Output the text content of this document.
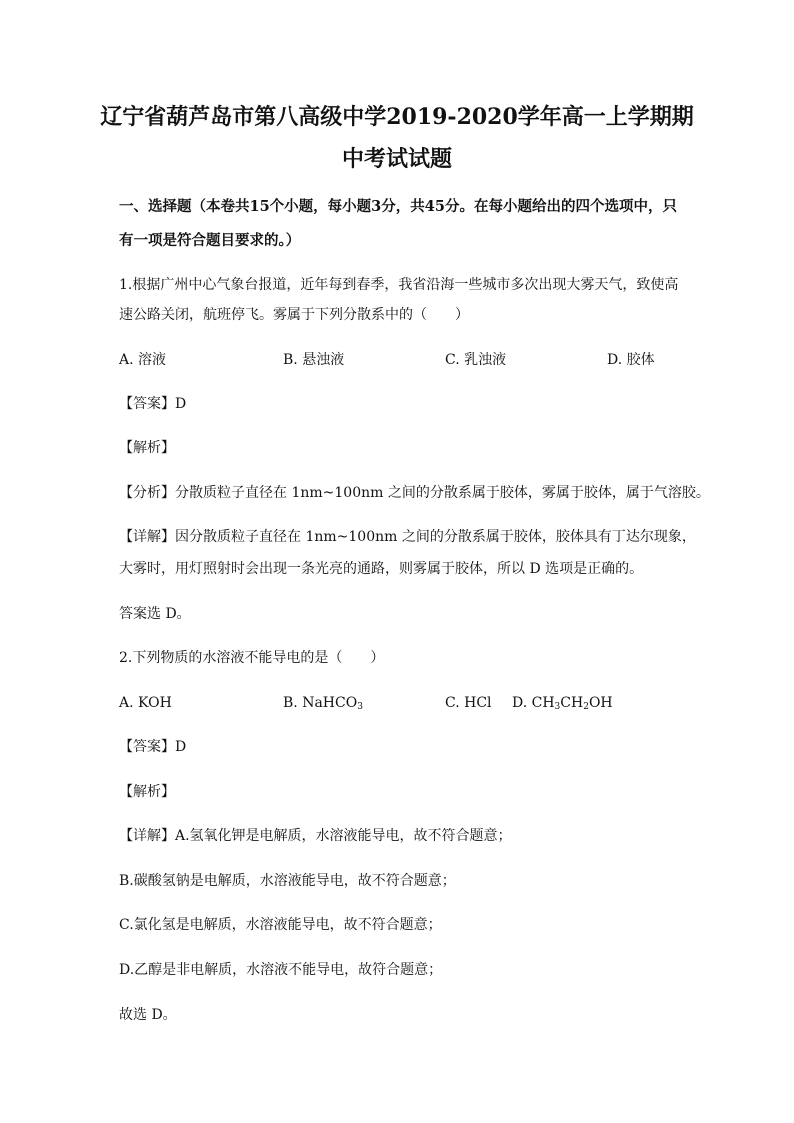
辽宁省葫芦岛市第八高级中学2019-2020学年高一上学期期
中考试试题
一、选择题（本卷共15个小题，每小题3分，共45分。在每小题给出的四个选项中，只
有一项是符合题目要求的。）
1.根据广州中心气象台报道，近年每到春季，我省沿海一些城市多次出现大雾天气，致使高
速公路关闭，航班停飞。雾属于下列分散系中的（　　）
A. 溶液	B. 悬浊液	C. 乳浊液	D. 胶体
【答案】D
【解析】
【分析】分散质粒子直径在 1nm~100nm 之间的分散系属于胶体，雾属于胶体，属于气溶胶。
【详解】因分散质粒子直径在 1nm~100nm 之间的分散系属于胶体，胶体具有丁达尔现象，
大雾时，用灯照射时会出现一条光亮的通路，则雾属于胶体，所以 D 选项是正确的。
答案选 D。
2.下列物质的水溶液不能导电的是（　　）
A. KOH	B. NaHCO$_3$	C. HCl D. $CH_3CH_2OH$
【答案】D
【解析】
【详解】A.氢氧化钾是电解质，水溶液能导电，故不符合题意；
B.碳酸氢钠是电解质，水溶液能导电，故不符合题意；
C.氯化氢是电解质，水溶液能导电，故不符合题意；
D.乙醇是非电解质，水溶液不能导电，故符合题意；
故选 D。
